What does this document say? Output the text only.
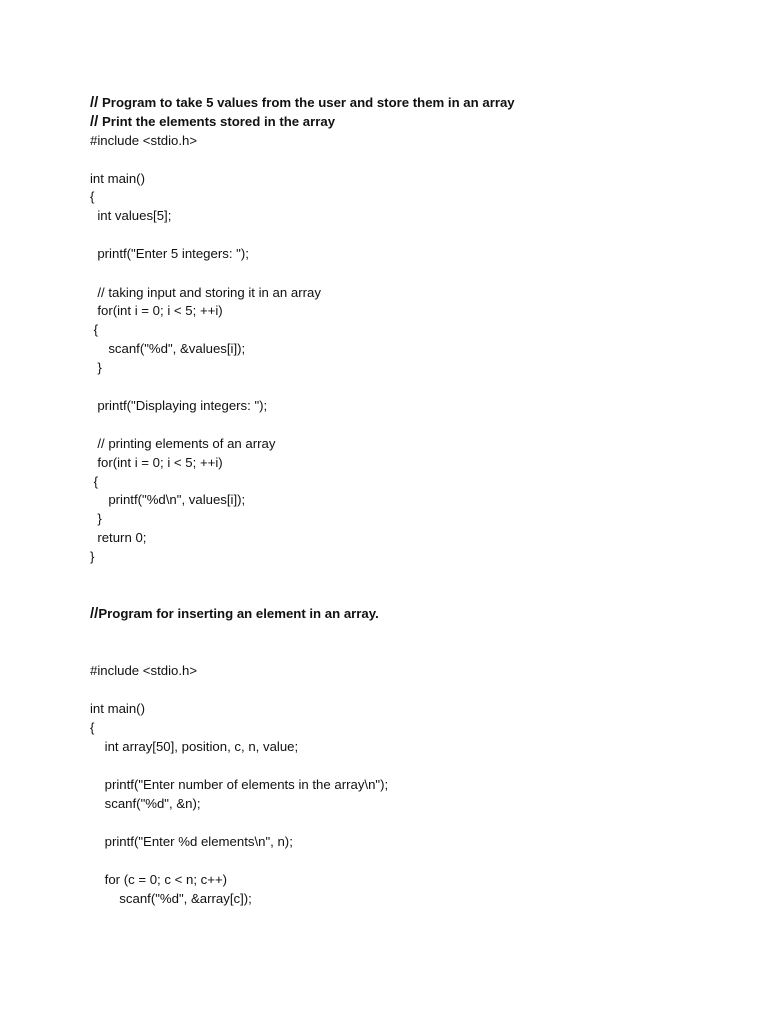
// Program to take 5 values from the user and store them in an array
// Print the elements stored in the array
#include <stdio.h>
int main()
{
int values[5];
printf("Enter 5 integers: ");
// taking input and storing it in an array
for(int i = 0; i < 5; ++i)
{
scanf("%d", &values[i]);
}
printf("Displaying integers: ");
// printing elements of an array
for(int i = 0; i < 5; ++i)
{
printf("%d\n", values[i]);
}
return 0;
}
//Program for inserting an element in an array.
#include <stdio.h>
int main()
{
int array[50], position, c, n, value;
printf("Enter number of elements in the array\n");
scanf("%d", &n);
printf("Enter %d elements\n", n);
for (c = 0; c < n; c++)
scanf("%d", &array[c]);
